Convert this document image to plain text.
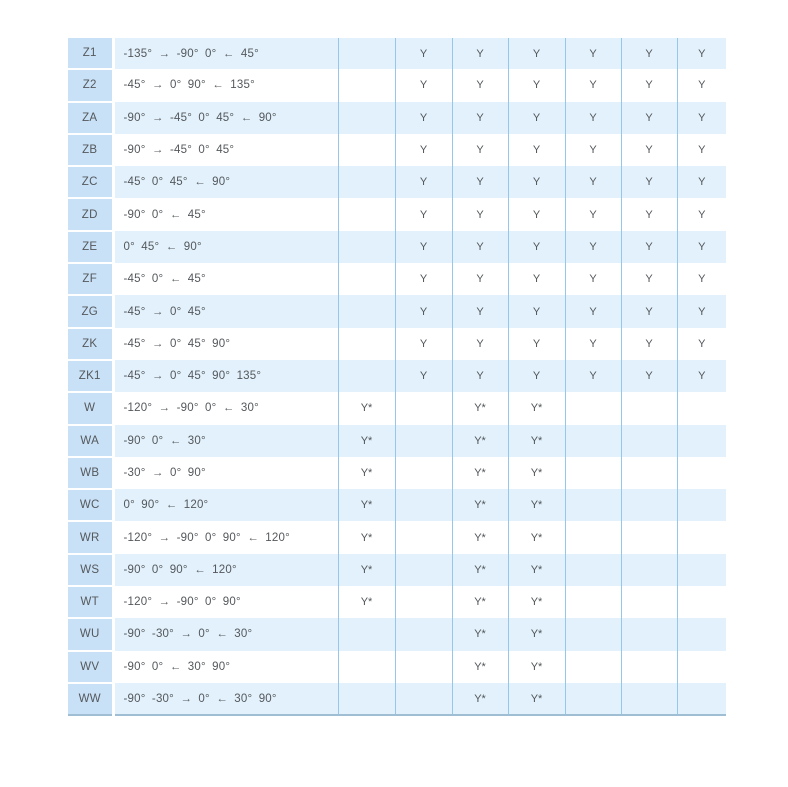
Z1	-135° → -90° 0° ← 45°		Y	Y	Y	Y	Y	Y
Z2	-45° → 0° 90° ← 135°		Y	Y	Y	Y	Y	Y
ZA	-90° → -45° 0° 45° ← 90°		Y	Y	Y	Y	Y	Y
ZB	-90° → -45° 0° 45°		Y	Y	Y	Y	Y	Y
ZC	-45° 0° 45° ← 90°		Y	Y	Y	Y	Y	Y
ZD	-90° 0° ← 45°		Y	Y	Y	Y	Y	Y
ZE	0° 45° ← 90°		Y	Y	Y	Y	Y	Y
ZF	-45° 0° ← 45°		Y	Y	Y	Y	Y	Y
ZG	-45° → 0° 45°		Y	Y	Y	Y	Y	Y
ZK	-45° → 0° 45° 90°		Y	Y	Y	Y	Y	Y
ZK1	-45° → 0° 45° 90° 135°		Y	Y	Y	Y	Y	Y
W	-120° → -90° 0° ← 30°	Y*		Y*	Y*			
WA	-90° 0° ← 30°	Y*		Y*	Y*			
WB	-30° → 0° 90°	Y*		Y*	Y*			
WC	0° 90° ← 120°	Y*		Y*	Y*			
WR	-120° → -90° 0° 90° ← 120°	Y*		Y*	Y*			
WS	-90° 0° 90° ← 120°	Y*		Y*	Y*			
WT	-120° → -90° 0° 90°	Y*		Y*	Y*			
WU	-90° -30° → 0° ← 30°			Y*	Y*			
WV	-90° 0° ← 30° 90°			Y*	Y*			
WW	-90° -30° → 0° ← 30° 90°			Y*	Y*			
